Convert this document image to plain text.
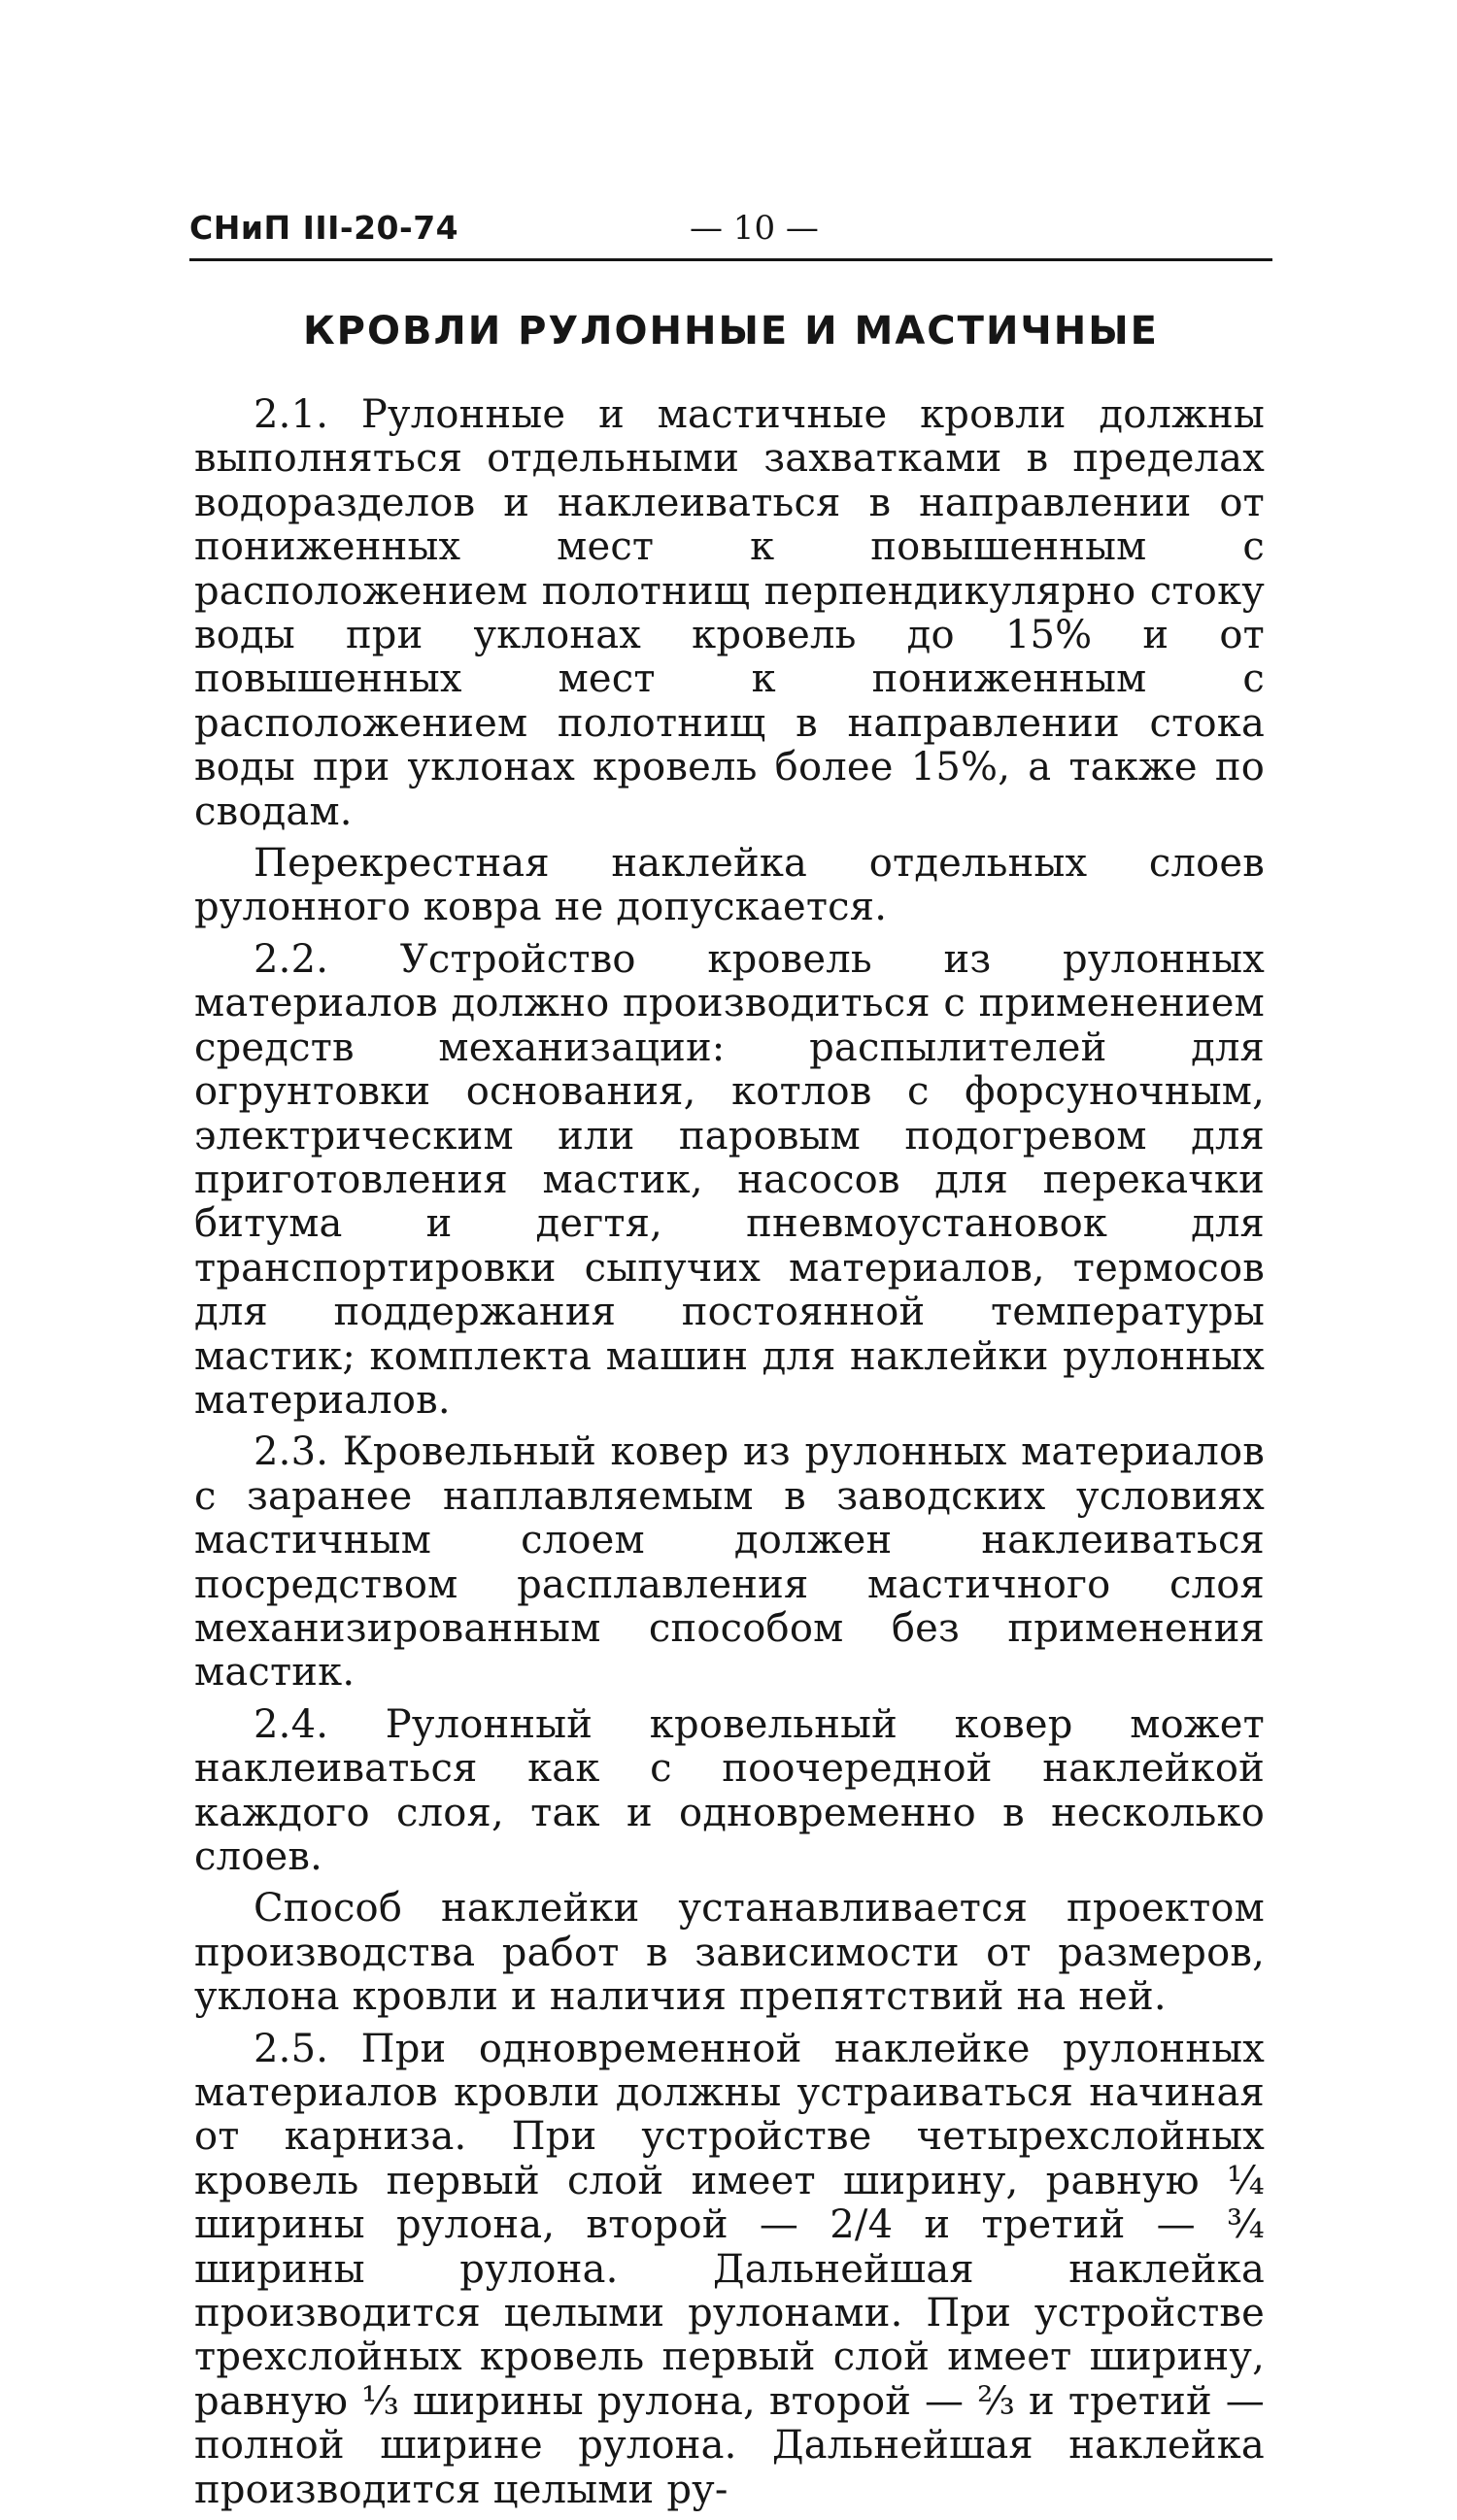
СНиП III-20-74	— 10 —
КРОВЛИ РУЛОННЫЕ И МАСТИЧНЫЕ

2.1. Рулонные и мастичные кровли должны выполняться отдельными захватками в пределах водоразделов и наклеиваться в направлении от пониженных мест к повышенным с расположением полотнищ перпендикулярно стоку воды при уклонах кровель до 15% и от повышенных мест к пониженным с расположением полотнищ в направлении стока воды при уклонах кровель более 15%, а также по сводам.

Перекрестная наклейка отдельных слоев рулонного ковра не допускается.

2.2. Устройство кровель из рулонных материалов должно производиться с применением средств механизации: распылителей для огрунтовки основания, котлов с форсуночным, электрическим или паровым подогревом для приготовления мастик, насосов для перекачки битума и дегтя, пневмоустановок для транспортировки сыпучих материалов, термосов для поддержания постоянной температуры мастик; комплекта машин для наклейки рулонных материалов.

2.3. Кровельный ковер из рулонных материалов с заранее наплавляемым в заводских условиях мастичным слоем должен наклеиваться посредством расплавления мастичного слоя механизированным способом без применения мастик.

2.4. Рулонный кровельный ковер может наклеиваться как с поочередной наклейкой каждого слоя, так и одновременно в несколько слоев.

Способ наклейки устанавливается проектом производства работ в зависимости от размеров, уклона кровли и наличия препятствий на ней.

2.5. При одновременной наклейке рулонных материалов кровли должны устраиваться начиная от карниза. При устройстве четырехслойных кровель первый слой имеет ширину, равную ¼ ширины рулона, второй — 2/4 и третий — ¾ ширины рулона. Дальнейшая наклейка производится целыми рулонами. При устройстве трехслойных кровель первый слой имеет ширину, равную ⅓ ширины рулона, второй — ⅔ и третий — полной ширине рулона. Дальнейшая наклейка производится целыми ру-
